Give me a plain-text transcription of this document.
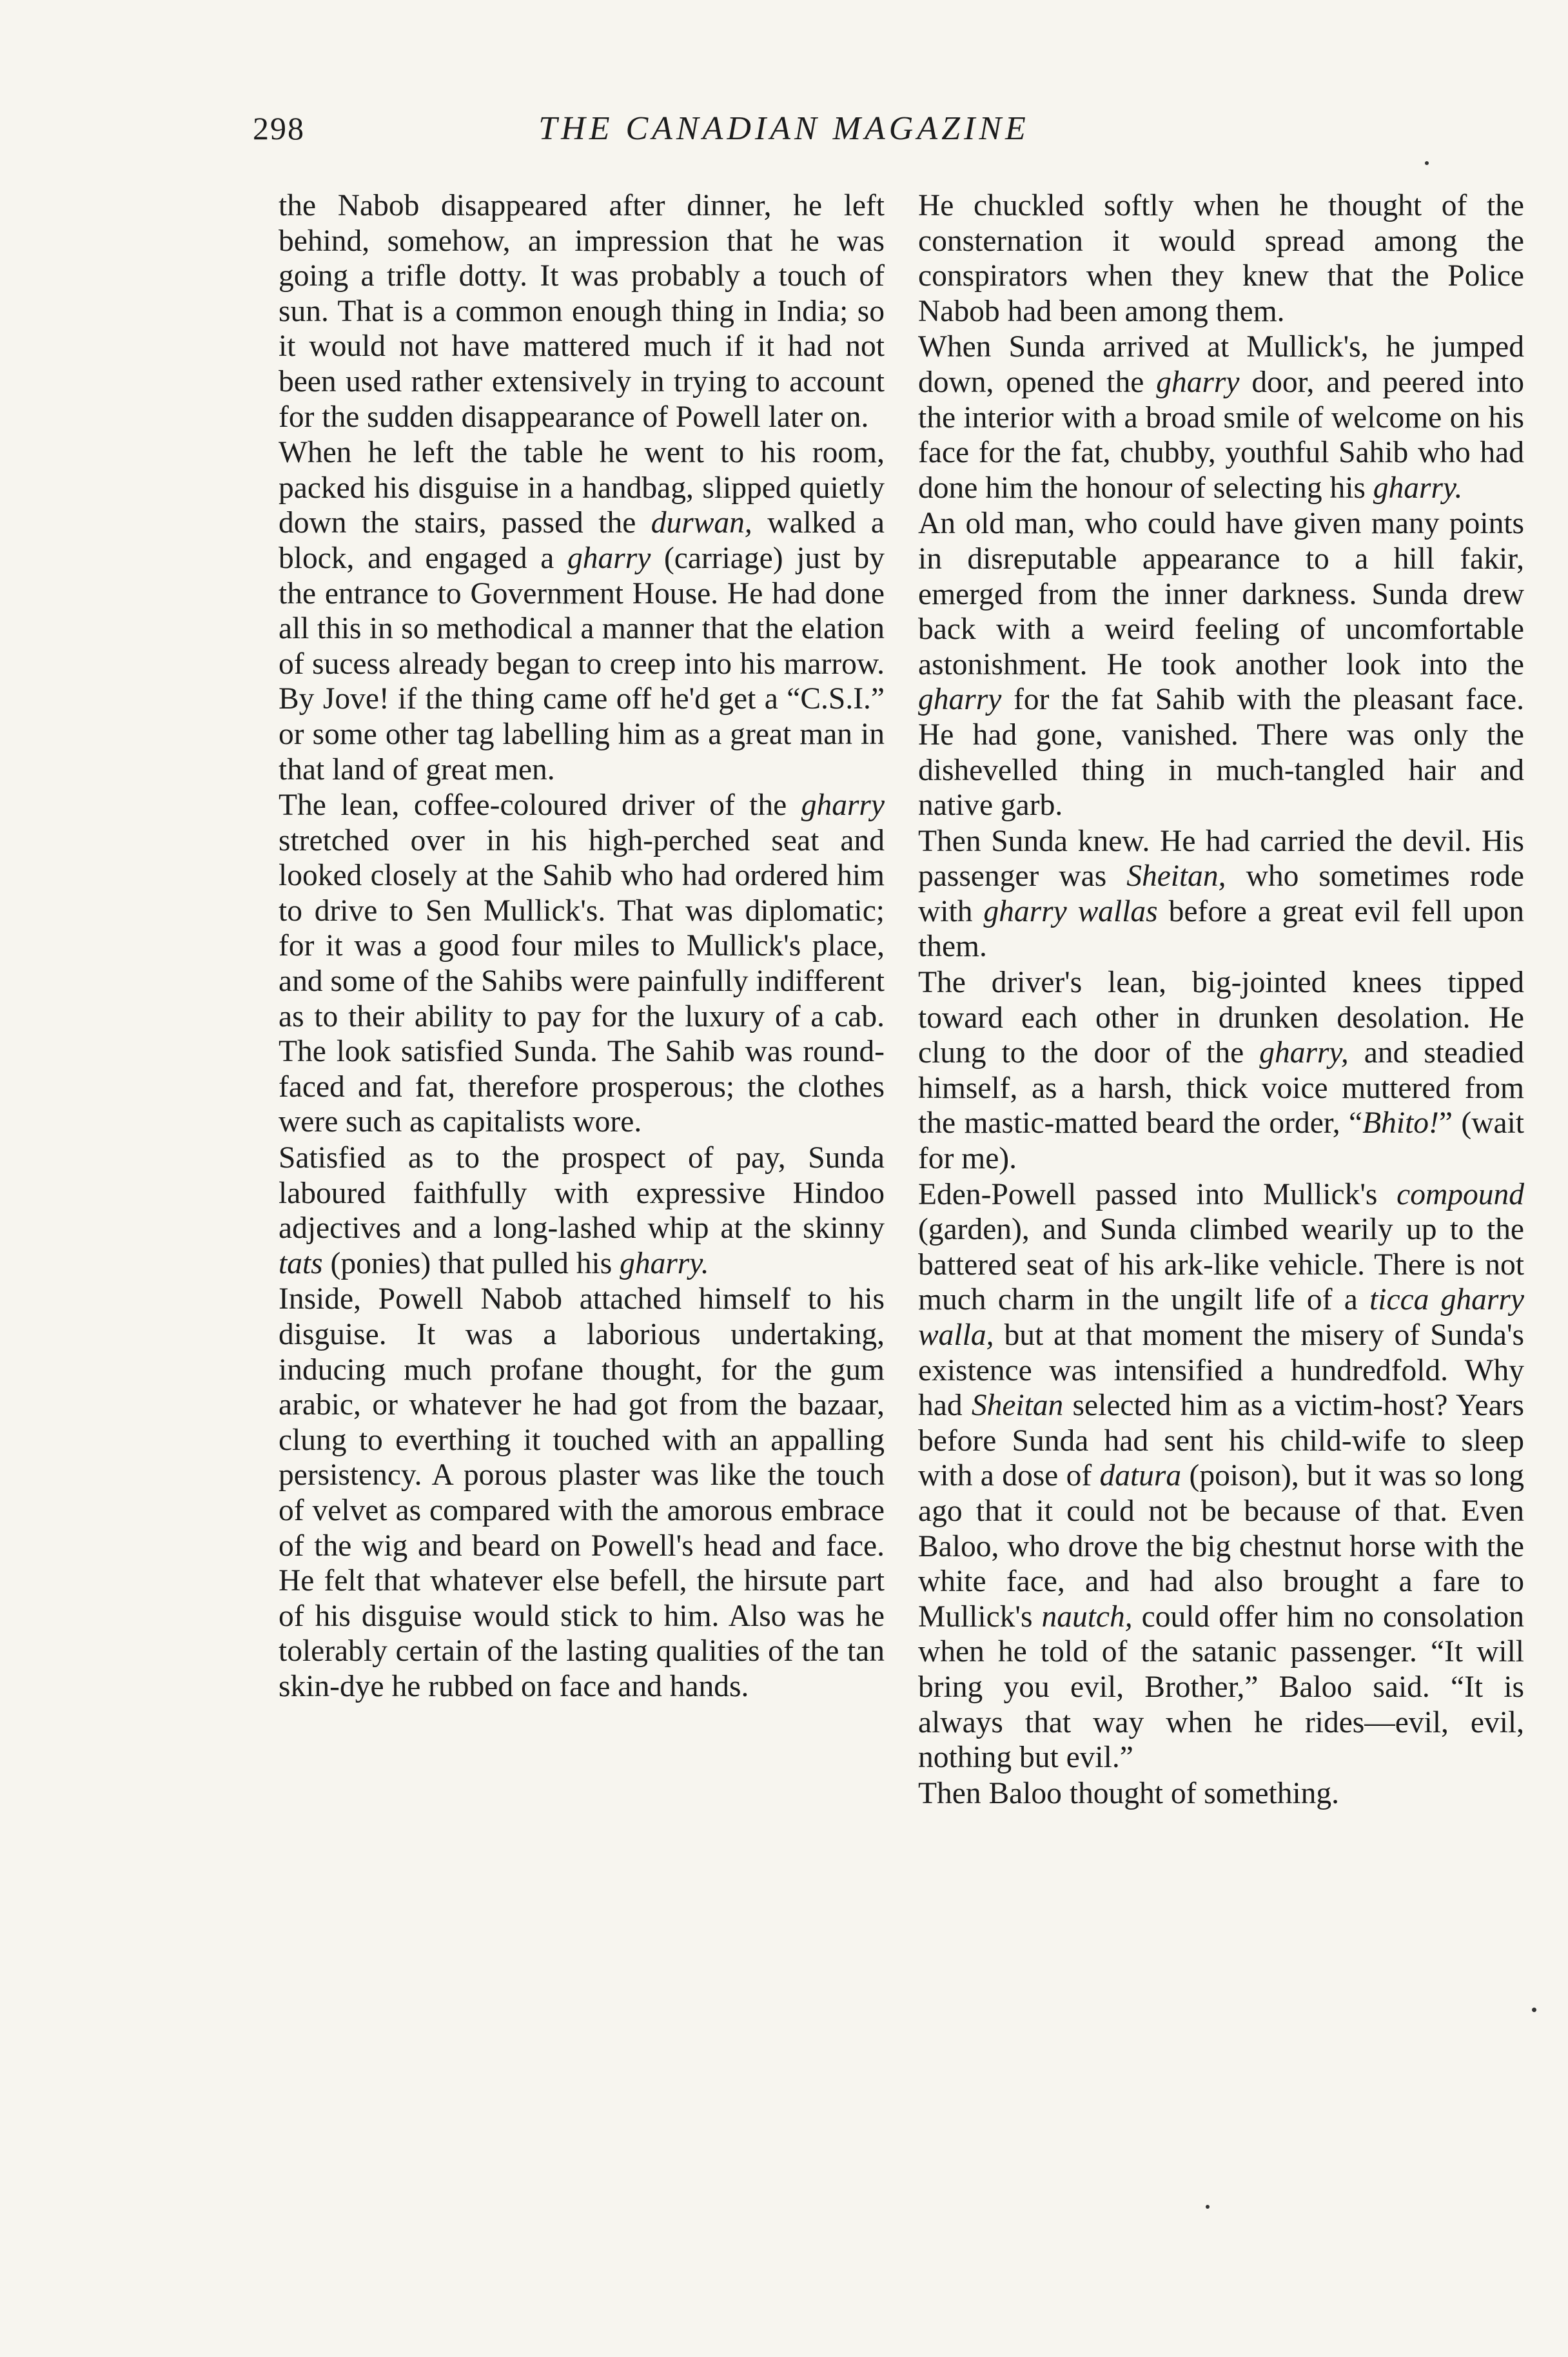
298	THE CANADIAN MAGAZINE

the Nabob disappeared after dinner, he left behind, somehow, an impression that he was going a trifle dotty. It was probably a touch of sun. That is a common enough thing in India; so it would not have mattered much if it had not been used rather extensively in trying to account for the sudden disappearance of Powell later on.

When he left the table he went to his room, packed his disguise in a handbag, slipped quietly down the stairs, passed the durwan, walked a block, and engaged a gharry (carriage) just by the entrance to Government House. He had done all this in so methodical a manner that the elation of sucess already began to creep into his marrow. By Jove! if the thing came off he'd get a “C.S.I.” or some other tag labelling him as a great man in that land of great men.

The lean, coffee-coloured driver of the gharry stretched over in his high-perched seat and looked closely at the Sahib who had ordered him to drive to Sen Mullick's. That was diplomatic; for it was a good four miles to Mullick's place, and some of the Sahibs were painfully indifferent as to their ability to pay for the luxury of a cab. The look satisfied Sunda. The Sahib was round-faced and fat, therefore prosperous; the clothes were such as capitalists wore.

Satisfied as to the prospect of pay, Sunda laboured faithfully with expressive Hindoo adjectives and a long-lashed whip at the skinny tats (ponies) that pulled his gharry.

Inside, Powell Nabob attached himself to his disguise. It was a laborious undertaking, inducing much profane thought, for the gum arabic, or whatever he had got from the bazaar, clung to everthing it touched with an appalling persistency. A porous plaster was like the touch of velvet as compared with the amorous embrace of the wig and beard on Powell's head and face. He felt that whatever else befell, the hirsute part of his disguise would stick to him. Also was he tolerably certain of the lasting qualities of the tan skin-dye he rubbed on face and hands.

He chuckled softly when he thought of the consternation it would spread among the conspirators when they knew that the Police Nabob had been among them.

When Sunda arrived at Mullick's, he jumped down, opened the gharry door, and peered into the interior with a broad smile of welcome on his face for the fat, chubby, youthful Sahib who had done him the honour of selecting his gharry.

An old man, who could have given many points in disreputable appearance to a hill fakir, emerged from the inner darkness. Sunda drew back with a weird feeling of uncomfortable astonishment. He took another look into the gharry for the fat Sahib with the pleasant face. He had gone, vanished. There was only the dishevelled thing in much-tangled hair and native garb.

Then Sunda knew. He had carried the devil. His passenger was Sheitan, who sometimes rode with gharry wallas before a great evil fell upon them.

The driver's lean, big-jointed knees tipped toward each other in drunken desolation. He clung to the door of the gharry, and steadied himself, as a harsh, thick voice muttered from the mastic-matted beard the order, “Bhito!” (wait for me).

Eden-Powell passed into Mullick's compound (garden), and Sunda climbed wearily up to the battered seat of his ark-like vehicle. There is not much charm in the ungilt life of a ticca gharry walla, but at that moment the misery of Sunda's existence was intensified a hundredfold. Why had Sheitan selected him as a victim-host? Years before Sunda had sent his child-wife to sleep with a dose of datura (poison), but it was so long ago that it could not be because of that. Even Baloo, who drove the big chestnut horse with the white face, and had also brought a fare to Mullick's nautch, could offer him no consolation when he told of the satanic passenger. “It will bring you evil, Brother,” Baloo said. “It is always that way when he rides—evil, evil, nothing but evil.”

Then Baloo thought of something.
